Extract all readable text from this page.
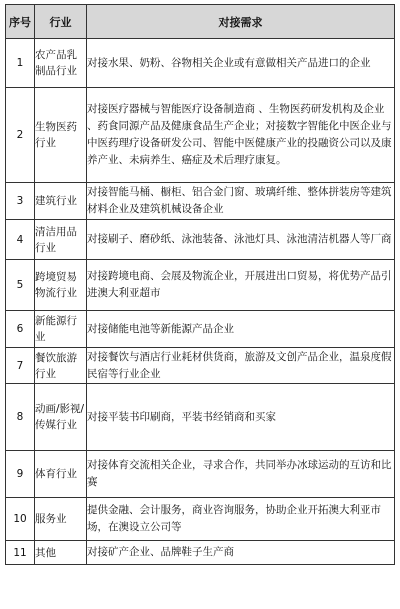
序号	行业	对接需求
1	农产品乳制品行业	对接水果、奶粉、谷物相关企业或有意做相关产品进口的企业
2	生物医药行业	对接医疗器械与智能医疗设备制造商 、生物医药研发机构及企业 、药食同源产品及健康食品生产企业；对接数字智能化中医企业与中医药理疗设备研发公司、智能中医健康产业的投融资公司以及康养产业、未病养生、癌症及术后理疗康复。
3	建筑行业	对接智能马桶、橱柜、铝合金门窗、玻璃纤维、整体拼装房等建筑材料企业及建筑机械设备企业
4	清洁用品行业	对接刷子、磨砂纸、泳池装备、泳池灯具、泳池清洁机器人等厂商
5	跨境贸易物流行业	对接跨境电商、会展及物流企业，开展进出口贸易，将优势产品引进澳大利亚超市
6	新能源行业	对接储能电池等新能源产品企业
7	餐饮旅游行业	对接餐饮与酒店行业耗材供货商，旅游及文创产品企业，温泉度假民宿等行业企业
8	动画/影视/传媒行业	对接平装书印刷商，平装书经销商和买家
9	体育行业	对接体育交流相关企业，寻求合作，共同举办冰球运动的互访和比赛
10	服务业	提供金融、会计服务，商业咨询服务，协助企业开拓澳大利亚市场，在澳设立公司等
11	其他	对接矿产企业、品牌鞋子生产商
